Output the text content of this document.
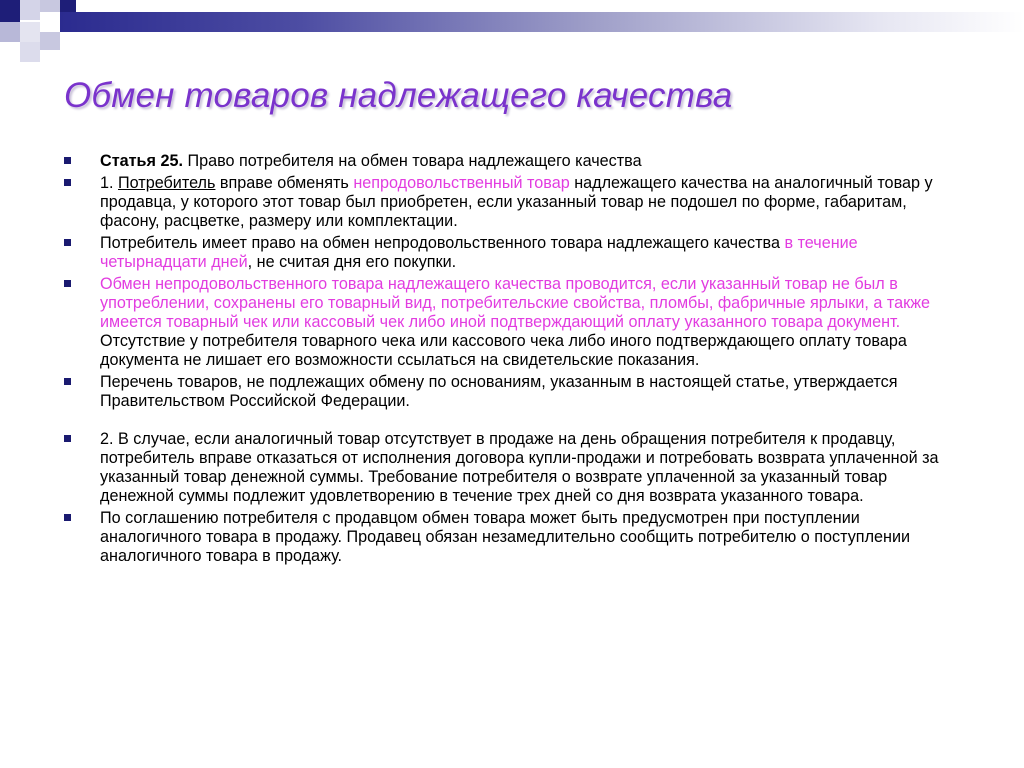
Обмен товаров надлежащего качества
Статья 25. Право потребителя на обмен товара надлежащего качества
1. Потребитель вправе обменять непродовольственный товар надлежащего качества на аналогичный товар у продавца, у которого этот товар был приобретен, если указанный товар не подошел по форме, габаритам, фасону, расцветке, размеру или комплектации.
Потребитель имеет право на обмен непродовольственного товара надлежащего качества в течение четырнадцати дней, не считая дня его покупки.
Обмен непродовольственного товара надлежащего качества проводится, если указанный товар не был в употреблении, сохранены его товарный вид, потребительские свойства, пломбы, фабричные ярлыки, а также имеется товарный чек или кассовый чек либо иной подтверждающий оплату указанного товара документ. Отсутствие у потребителя товарного чека или кассового чека либо иного подтверждающего оплату товара документа не лишает его возможности ссылаться на свидетельские показания.
Перечень товаров, не подлежащих обмену по основаниям, указанным в настоящей статье, утверждается Правительством Российской Федерации.
2. В случае, если аналогичный товар отсутствует в продаже на день обращения потребителя к продавцу, потребитель вправе отказаться от исполнения договора купли-продажи и потребовать возврата уплаченной за указанный товар денежной суммы. Требование потребителя о возврате уплаченной за указанный товар денежной суммы подлежит удовлетворению в течение трех дней со дня возврата указанного товара.
По соглашению потребителя с продавцом обмен товара может быть предусмотрен при поступлении аналогичного товара в продажу. Продавец обязан незамедлительно сообщить потребителю о поступлении аналогичного товара в продажу.
